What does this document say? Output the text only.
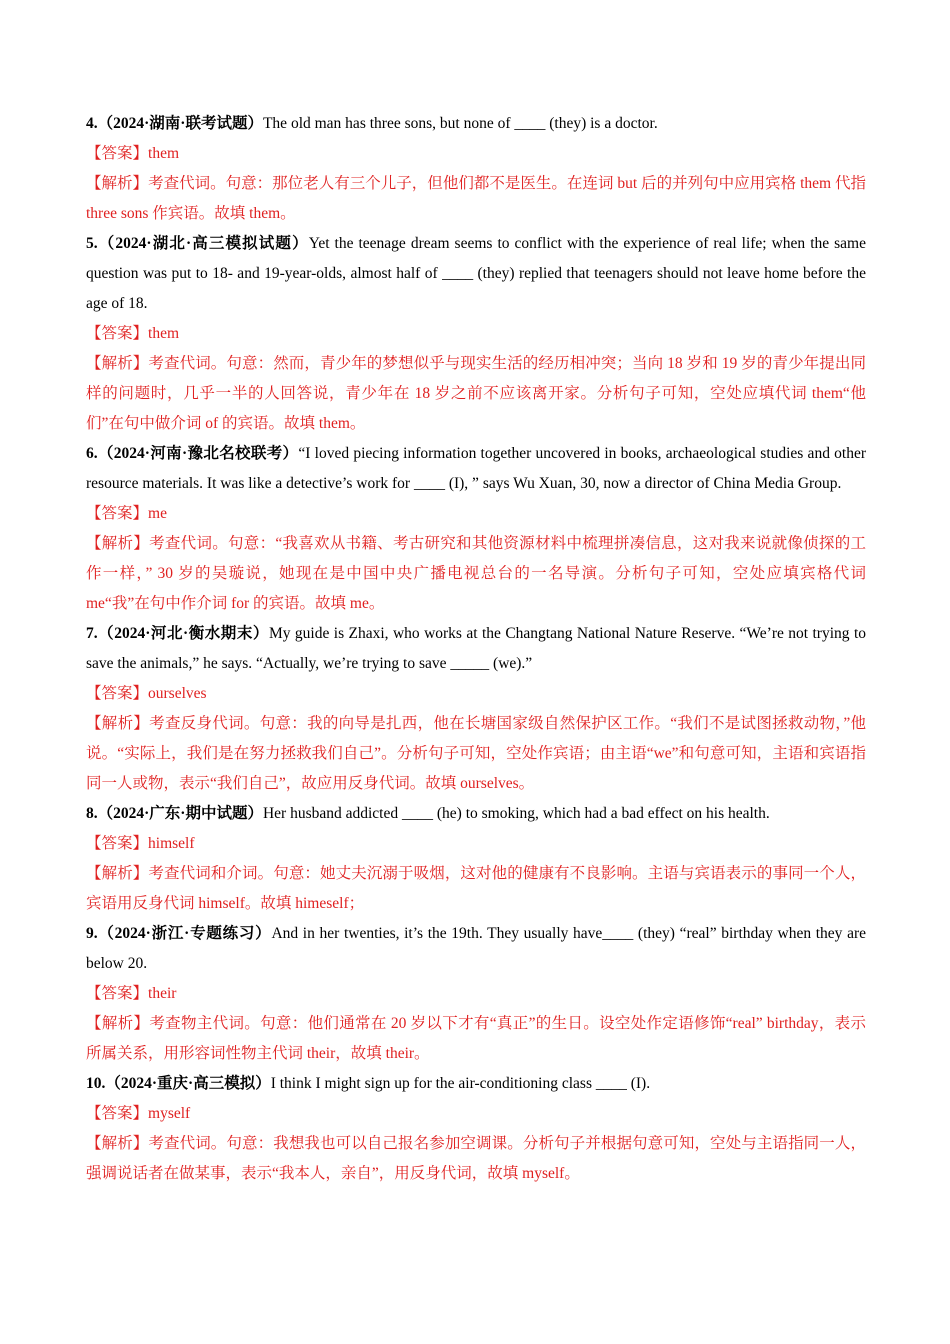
4.（2024·湖南·联考试题）The old man has three sons, but none of ____ (they) is a doctor.

【答案】them

【解析】考查代词。句意：那位老人有三个儿子，但他们都不是医生。在连词 but 后的并列句中应用宾格 them 代指 three sons 作宾语。故填 them。

5.（2024·湖北·高三模拟试题）Yet the teenage dream seems to conflict with the experience of real life; when the same question was put to 18- and 19-year-olds, almost half of ____ (they) replied that teenagers should not leave home before the age of 18.

【答案】them

【解析】考查代词。句意：然而，青少年的梦想似乎与现实生活的经历相冲突；当向 18 岁和 19 岁的青少年提出同样的问题时，几乎一半的人回答说，青少年在 18 岁之前不应该离开家。分析句子可知，空处应填代词 them“他们”在句中做介词 of 的宾语。故填 them。

6.（2024·河南·豫北名校联考）“I loved piecing information together uncovered in books, archaeological studies and other resource materials. It was like a detective’s work for ____ (I), ” says Wu Xuan, 30, now a director of China Media Group.

【答案】me

【解析】考查代词。句意：“我喜欢从书籍、考古研究和其他资源材料中梳理拼凑信息，这对我来说就像侦探的工作一样，” 30 岁的吴璇说，她现在是中国中央广播电视总台的一名导演。分析句子可知，空处应填宾格代词 me“我”在句中作介词 for 的宾语。故填 me。

7.（2024·河北·衡水期末）My guide is Zhaxi, who works at the Changtang National Nature Reserve. “We’re not trying to save the animals,” he says. “Actually, we’re trying to save _____ (we).”

【答案】ourselves

【解析】考查反身代词。句意：我的向导是扎西，他在长塘国家级自然保护区工作。“我们不是试图拯救动物，”他说。“实际上，我们是在努力拯救我们自己”。分析句子可知，空处作宾语；由主语“we”和句意可知，主语和宾语指同一人或物，表示“我们自己”，故应用反身代词。故填 ourselves。

8.（2024·广东·期中试题）Her husband addicted ____ (he) to smoking, which had a bad effect on his health.

【答案】himself

【解析】考查代词和介词。句意：她丈夫沉溺于吸烟，这对他的健康有不良影响。主语与宾语表示的事同一个人，宾语用反身代词 himself。故填 himeself；

9.（2024·浙江·专题练习）And in her twenties, it’s the 19th. They usually have____ (they) “real” birthday when they are below 20.

【答案】their

【解析】考查物主代词。句意：他们通常在 20 岁以下才有“真正”的生日。设空处作定语修饰“real” birthday，表示所属关系，用形容词性物主代词 their，故填 their。

10.（2024·重庆·高三模拟）I think I might sign up for the air-conditioning class ____ (I).

【答案】myself

【解析】考查代词。句意：我想我也可以自己报名参加空调课。分析句子并根据句意可知，空处与主语指同一人，强调说话者在做某事，表示“我本人，亲自”，用反身代词，故填 myself。
